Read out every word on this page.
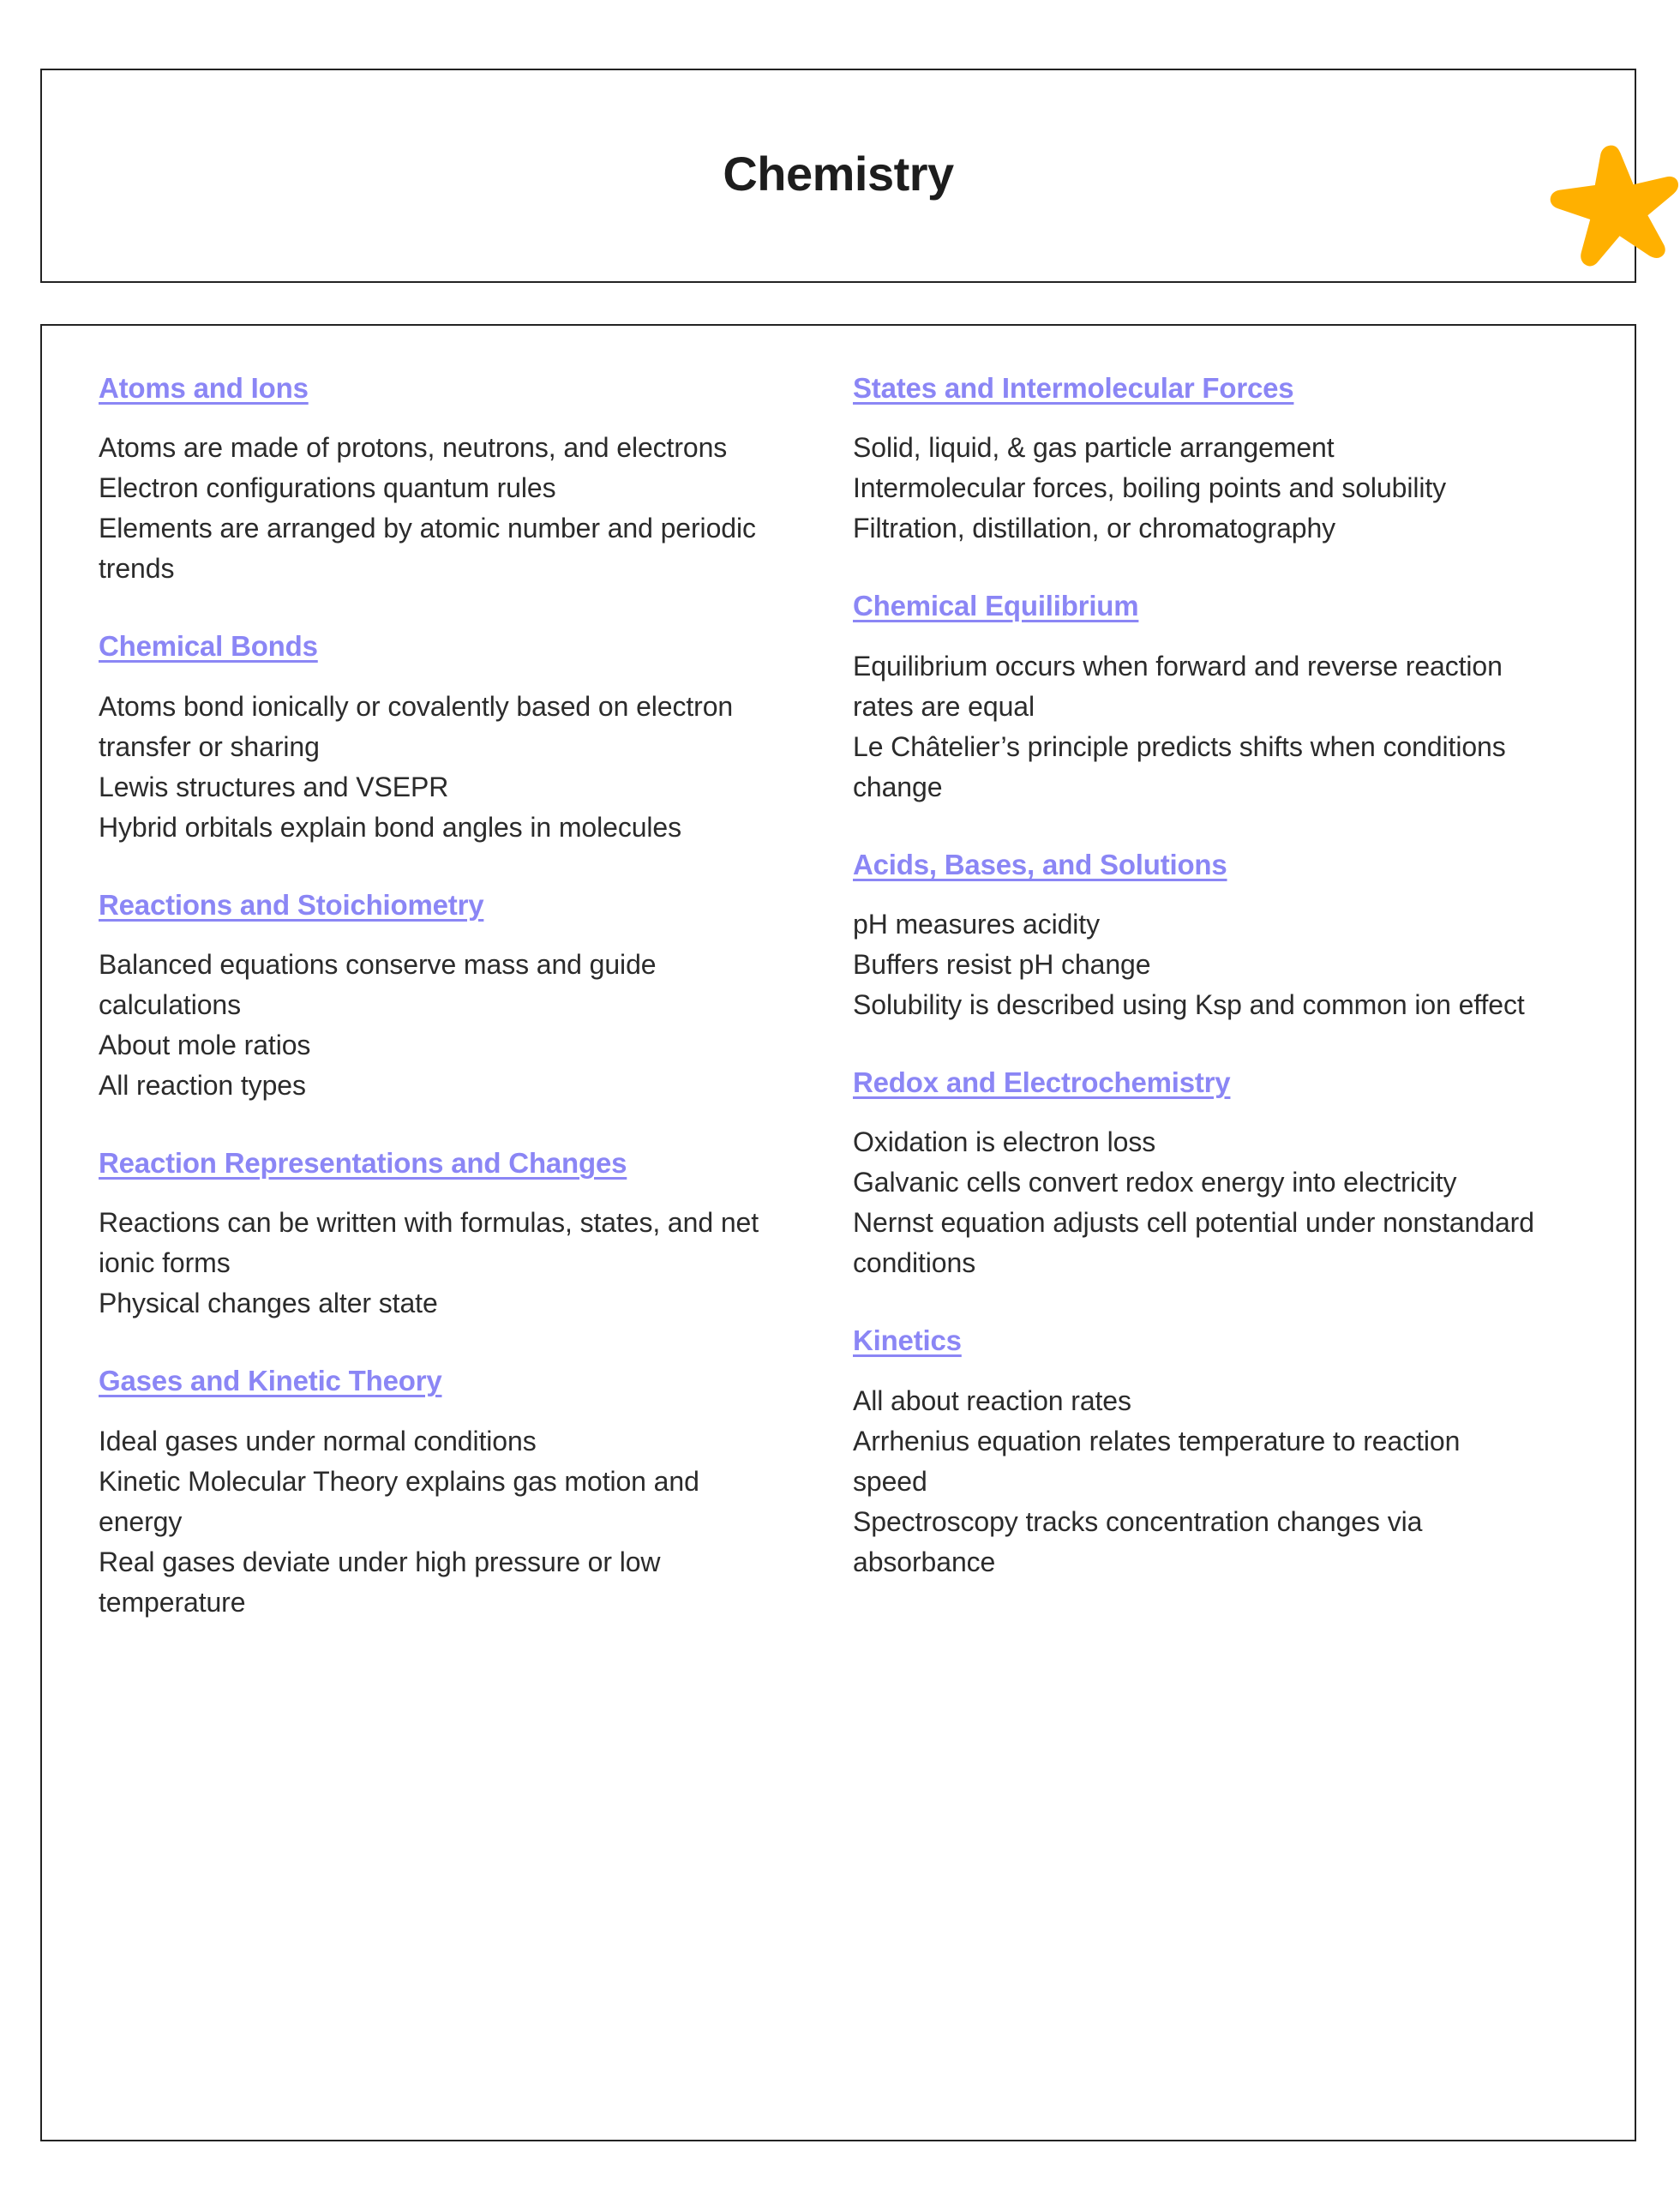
Chemistry
Atoms and Ions
Atoms are made of protons, neutrons, and electrons
Electron configurations quantum rules
Elements are arranged by atomic number and periodic trends
Chemical Bonds
Atoms bond ionically or covalently based on electron transfer or sharing
Lewis structures and VSEPR
Hybrid orbitals explain bond angles in molecules
Reactions and Stoichiometry
Balanced equations conserve mass and guide calculations
About mole ratios
All reaction types
Reaction Representations and Changes
Reactions can be written with formulas, states, and net ionic forms
Physical changes alter state
Gases and Kinetic Theory
Ideal gases under normal conditions
Kinetic Molecular Theory explains gas motion and energy
Real gases deviate under high pressure or low temperature
States and Intermolecular Forces
Solid, liquid, & gas particle arrangement
Intermolecular forces, boiling points and solubility
Filtration, distillation, or chromatography
Chemical Equilibrium
Equilibrium occurs when forward and reverse reaction rates are equal
Le Châtelier’s principle predicts shifts when conditions change
Acids, Bases, and Solutions
pH measures acidity
Buffers resist pH change
Solubility is described using Ksp and common ion effect
Redox and Electrochemistry
Oxidation is electron loss
Galvanic cells convert redox energy into electricity
Nernst equation adjusts cell potential under nonstandard conditions
Kinetics
All about reaction rates
Arrhenius equation relates temperature to reaction speed
Spectroscopy tracks concentration changes via absorbance
